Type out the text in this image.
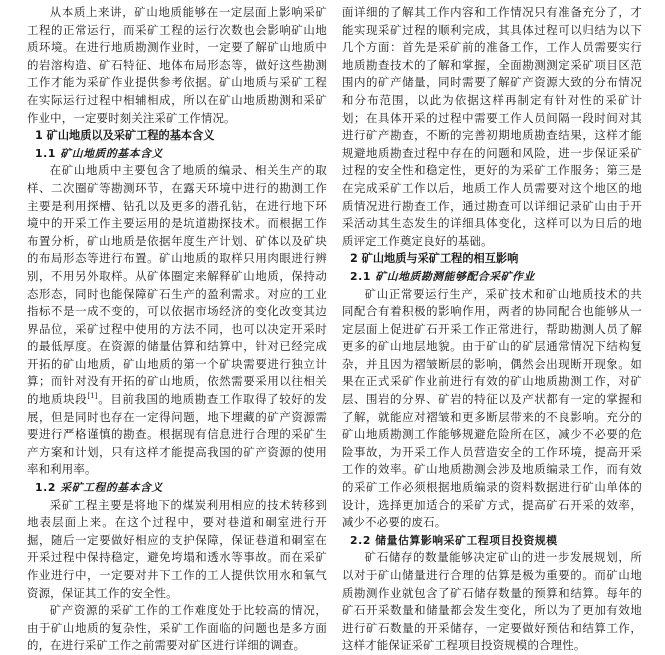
从本质上来讲，矿山地质能够在一定层面上影响采矿工程的正常运行，而采矿工程的运行次数也会影响矿山地质环境。在进行地质勘测作业时，一定要了解矿山地质中的岩溶构造、矿石特征、地体布局形态等，做好这些勘测工作才能为采矿作业提供参考依据。矿山地质与采矿工程在实际运行过程中相辅相成，所以在矿山地质勘测和采矿作业中，一定要时刻关注采矿工作情况。

1 矿山地质以及采矿工程的基本含义
1.1 矿山地质的基本含义

在矿山地质中主要包含了地质的编录、相关生产的取样、二次圈矿等勘测环节，在露天环境中进行的勘测工作主要是利用探槽、钻孔以及更多的潜孔钻，在进行地下环境中的开采工作主要运用的是坑道勘探技术。而根据工作布置分析，矿山地质是依据年度生产计划、矿体以及矿块的布局形态等进行布置。矿山地质的取样只用肉眼进行辨别，不用另外取样。从矿体圈定来解释矿山地质，保持动态形态，同时也能保障矿石生产的盈利需求。对应的工业指标不是一成不变的，可以依据市场经济的变化改变其边界品位，采矿过程中使用的方法不同，也可以决定开采时的最低厚度。在资源的储量估算和结算中，针对已经完成开拓的矿山地质，矿山地质的第一个矿块需要进行独立计算；而针对没有开拓的矿山地质，依然需要采用以往相关的地质块段[1]。目前我国的地质勘查工作取得了较好的发展，但是同时也存在一定得问题，地下埋藏的矿产资源需要进行严格谨慎的勘查。根据现有信息进行合理的采矿生产方案和计划，只有这样才能提高我国的矿产资源的使用率和利用率。

1.2 采矿工程的基本含义

采矿工程主要是将地下的煤炭利用相应的技术转移到地表层面上来。在这个过程中，要对巷道和硐室进行开掘，随后一定要做好相应的支护保障，保证巷道和硐室在开采过程中保持稳定，避免垮塌和透水等事故。而在采矿作业进行中，一定要对井下工作的工人提供饮用水和氧气资源，保证其工作的安全性。

矿产资源的采矿工作的工作难度处于比较高的情况，由于矿山地质的复杂性，采矿工作面临的问题也是多方面的，在进行采矿工作之前需要对矿区进行详细的调查。

面详细的了解其工作内容和工作情况只有准备充分了，才能实现采矿过程的顺利完成，其具体过程可以归结为以下几个方面：首先是采矿前的准备工作，工作人员需要实行地质勘查技术的了解和掌握，全面勘测测定采矿项目区范围内的矿产储量，同时需要了解矿产资源大致的分布情况和分布范围，以此为依据这样再制定有针对性的采矿计划；在具体开采的过程中需要工作人员间隔一段时间对其进行矿产勘查，不断的完善初期地质勘查结果，这样才能规避地质勘查过程中存在的问题和风险，进一步保证采矿过程的安全性和稳定性，更好的为采矿工作服务；第三是在完成采矿工作以后，地质工作人员需要对这个地区的地质情况进行勘查工作，通过勘查可以详细记录矿山由于开采活动其生态发生的详细具体变化，这样可以为日后的地质评定工作奠定良好的基础。

2 矿山地质与采矿工程的相互影响
2.1 矿山地质勘测能够配合采矿作业

矿山正常要运行生产，采矿技术和矿山地质技术的共同配合有着积极的影响作用，两者的协同配合也能够从一定层面上促进矿石开采工作正常进行，帮助勘测人员了解更多的矿山地层地貌。由于矿山的矿层通常情况下结构复杂，并且因为褶皱断层的影响，偶然会出现断开现象。如果在正式采矿作业前进行有效的矿山地质勘测工作，对矿层、围岩的分界、矿岩的特征以及产状都有一定的掌握和了解，就能应对褶皱和更多断层带来的不良影响。充分的矿山地质勘测工作能够规避危险所在区，减少不必要的危险事故，为开采工作人员营造安全的工作环境，提高开采工作的效率。矿山地质勘测会涉及地质编录工作，而有效的采矿工作必须根据地质编录的资料数据进行矿山单体的设计，选择更加适合的采矿方式，提高矿石开采的效率，减少不必要的废石。

2.2 储量估算影响采矿工程项目投资规模

矿石储存的数量能够决定矿山的进一步发展规划，所以对于矿山储量进行合理的估算是极为重要的。而矿山地质勘测作业就包含了矿石储存数量的预算和结算。每年的矿石开采数量和储量都会发生变化，所以为了更加有效地进行矿石数量的开采储存，一定要做好预估和结算工作，这样才能保证采矿工程项目投资规模的合理性。
